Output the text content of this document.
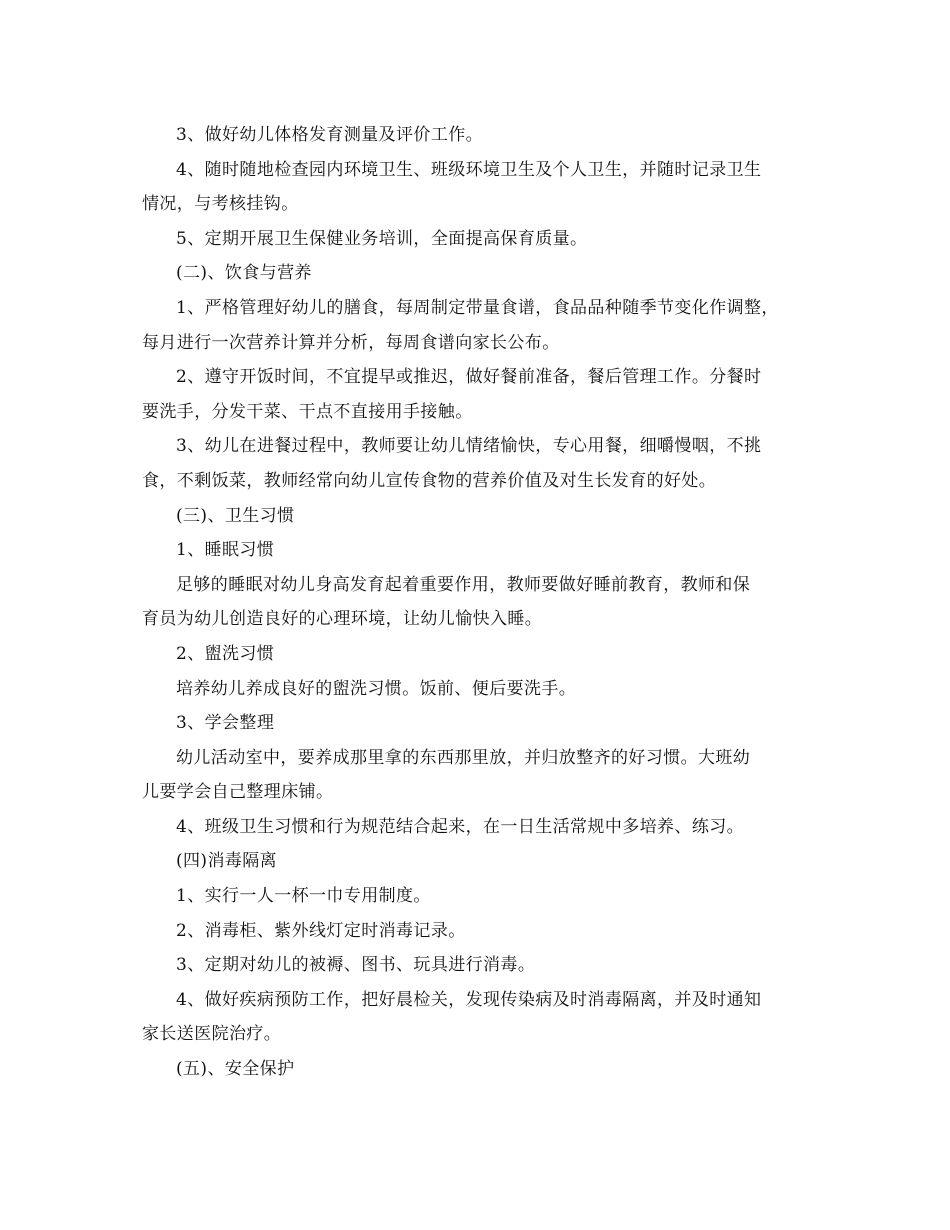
3、做好幼儿体格发育测量及评价工作。

4、随时随地检查园内环境卫生、班级环境卫生及个人卫生，并随时记录卫生
情况，与考核挂钩。

5、定期开展卫生保健业务培训，全面提高保育质量。

(二)、饮食与营养

1、严格管理好幼儿的膳食，每周制定带量食谱，食品品种随季节变化作调整，
每月进行一次营养计算并分析，每周食谱向家长公布。

2、遵守开饭时间，不宜提早或推迟，做好餐前准备，餐后管理工作。分餐时
要洗手，分发干菜、干点不直接用手接触。

3、幼儿在进餐过程中，教师要让幼儿情绪愉快，专心用餐，细嚼慢咽，不挑
食，不剩饭菜，教师经常向幼儿宣传食物的营养价值及对生长发育的好处。

(三)、卫生习惯

1、睡眠习惯

足够的睡眠对幼儿身高发育起着重要作用，教师要做好睡前教育，教师和保
育员为幼儿创造良好的心理环境，让幼儿愉快入睡。

2、盥洗习惯

培养幼儿养成良好的盥洗习惯。饭前、便后要洗手。

3、学会整理

幼儿活动室中，要养成那里拿的东西那里放，并归放整齐的好习惯。大班幼
儿要学会自己整理床铺。

4、班级卫生习惯和行为规范结合起来，在一日生活常规中多培养、练习。

(四)消毒隔离

1、实行一人一杯一巾专用制度。

2、消毒柜、紫外线灯定时消毒记录。

3、定期对幼儿的被褥、图书、玩具进行消毒。

4、做好疾病预防工作，把好晨检关，发现传染病及时消毒隔离，并及时通知
家长送医院治疗。

(五)、安全保护
